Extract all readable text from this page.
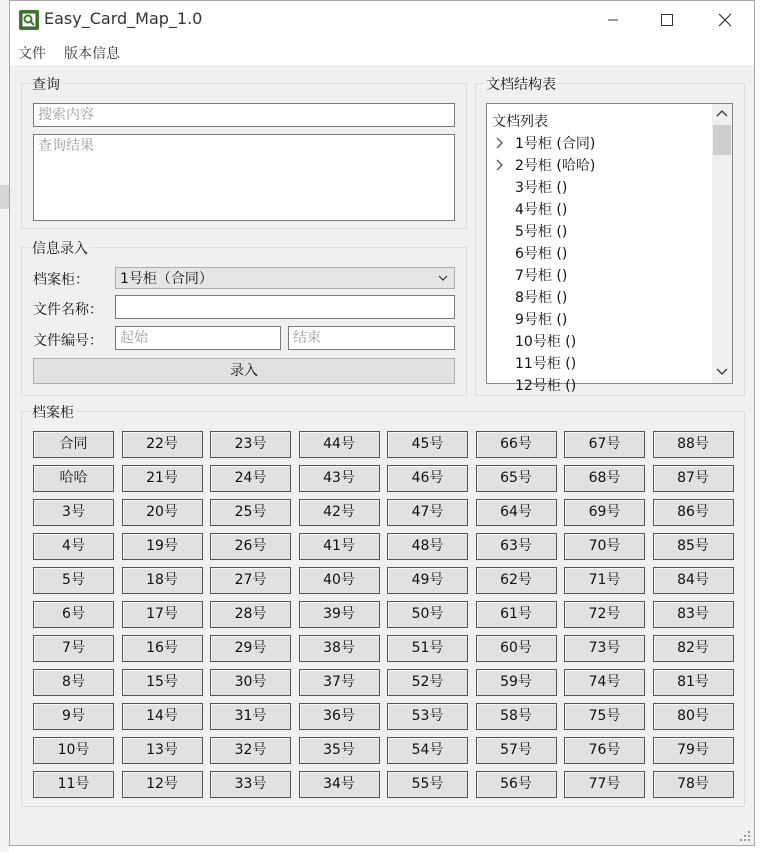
Easy_Card_Map_1.0
文件 版本信息
查询
搜索内容
查询结果
信息录入
档案柜：	1号柜（合同）
文件名称：
文件编号：	起始	结束
录入
文档结构表
文档列表
1号柜 (合同)
2号柜 (哈哈)
3号柜 ()
4号柜 ()
5号柜 ()
6号柜 ()
7号柜 ()
8号柜 ()
9号柜 ()
10号柜 ()
11号柜 ()
12号柜 ()
档案柜
合同	22号	23号	44号	45号	66号	67号	88号
哈哈	21号	24号	43号	46号	65号	68号	87号
3号	20号	25号	42号	47号	64号	69号	86号
4号	19号	26号	41号	48号	63号	70号	85号
5号	18号	27号	40号	49号	62号	71号	84号
6号	17号	28号	39号	50号	61号	72号	83号
7号	16号	29号	38号	51号	60号	73号	82号
8号	15号	30号	37号	52号	59号	74号	81号
9号	14号	31号	36号	53号	58号	75号	80号
10号	13号	32号	35号	54号	57号	76号	79号
11号	12号	33号	34号	55号	56号	77号	78号
